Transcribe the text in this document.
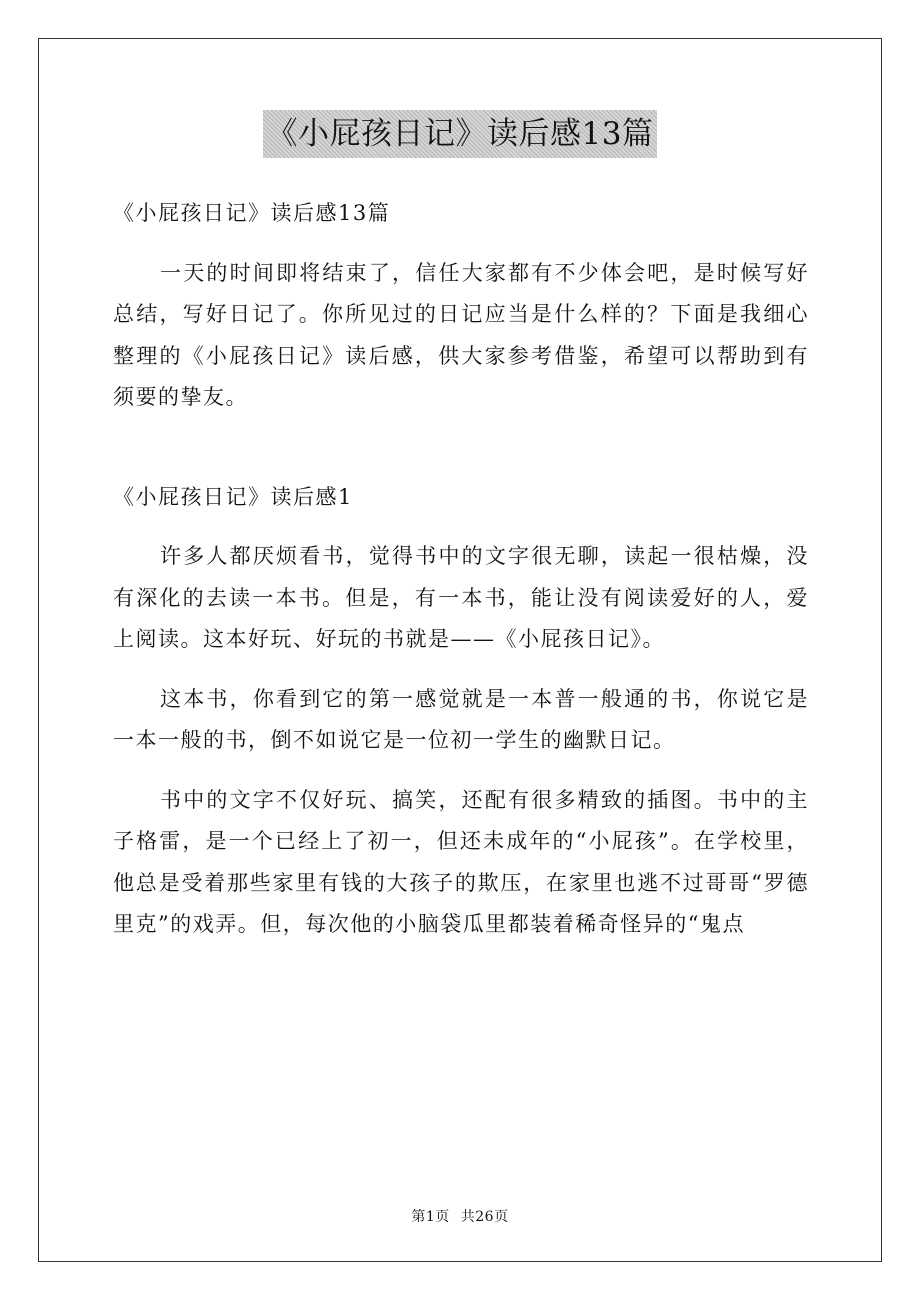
《小屁孩日记》读后感13篇

《小屁孩日记》读后感13篇

一天的时间即将结束了，信任大家都有不少体会吧，是时候写好总结，写好日记了。你所见过的日记应当是什么样的？下面是我细心整理的《小屁孩日记》读后感，供大家参考借鉴，希望可以帮助到有须要的挚友。

《小屁孩日记》读后感1

许多人都厌烦看书，觉得书中的文字很无聊，读起一很枯燥，没有深化的去读一本书。但是，有一本书，能让没有阅读爱好的人，爱上阅读。这本好玩、好玩的书就是——《小屁孩日记》。

这本书，你看到它的第一感觉就是一本普一般通的书，你说它是一本一般的书，倒不如说它是一位初一学生的幽默日记。

书中的文字不仅好玩、搞笑，还配有很多精致的插图。书中的主子格雷，是一个已经上了初一，但还未成年的“小屁孩”。在学校里，他总是受着那些家里有钱的大孩子的欺压，在家里也逃不过哥哥“罗德里克”的戏弄。但，每次他的小脑袋瓜里都装着稀奇怪异的“鬼点

第1页 共26页
